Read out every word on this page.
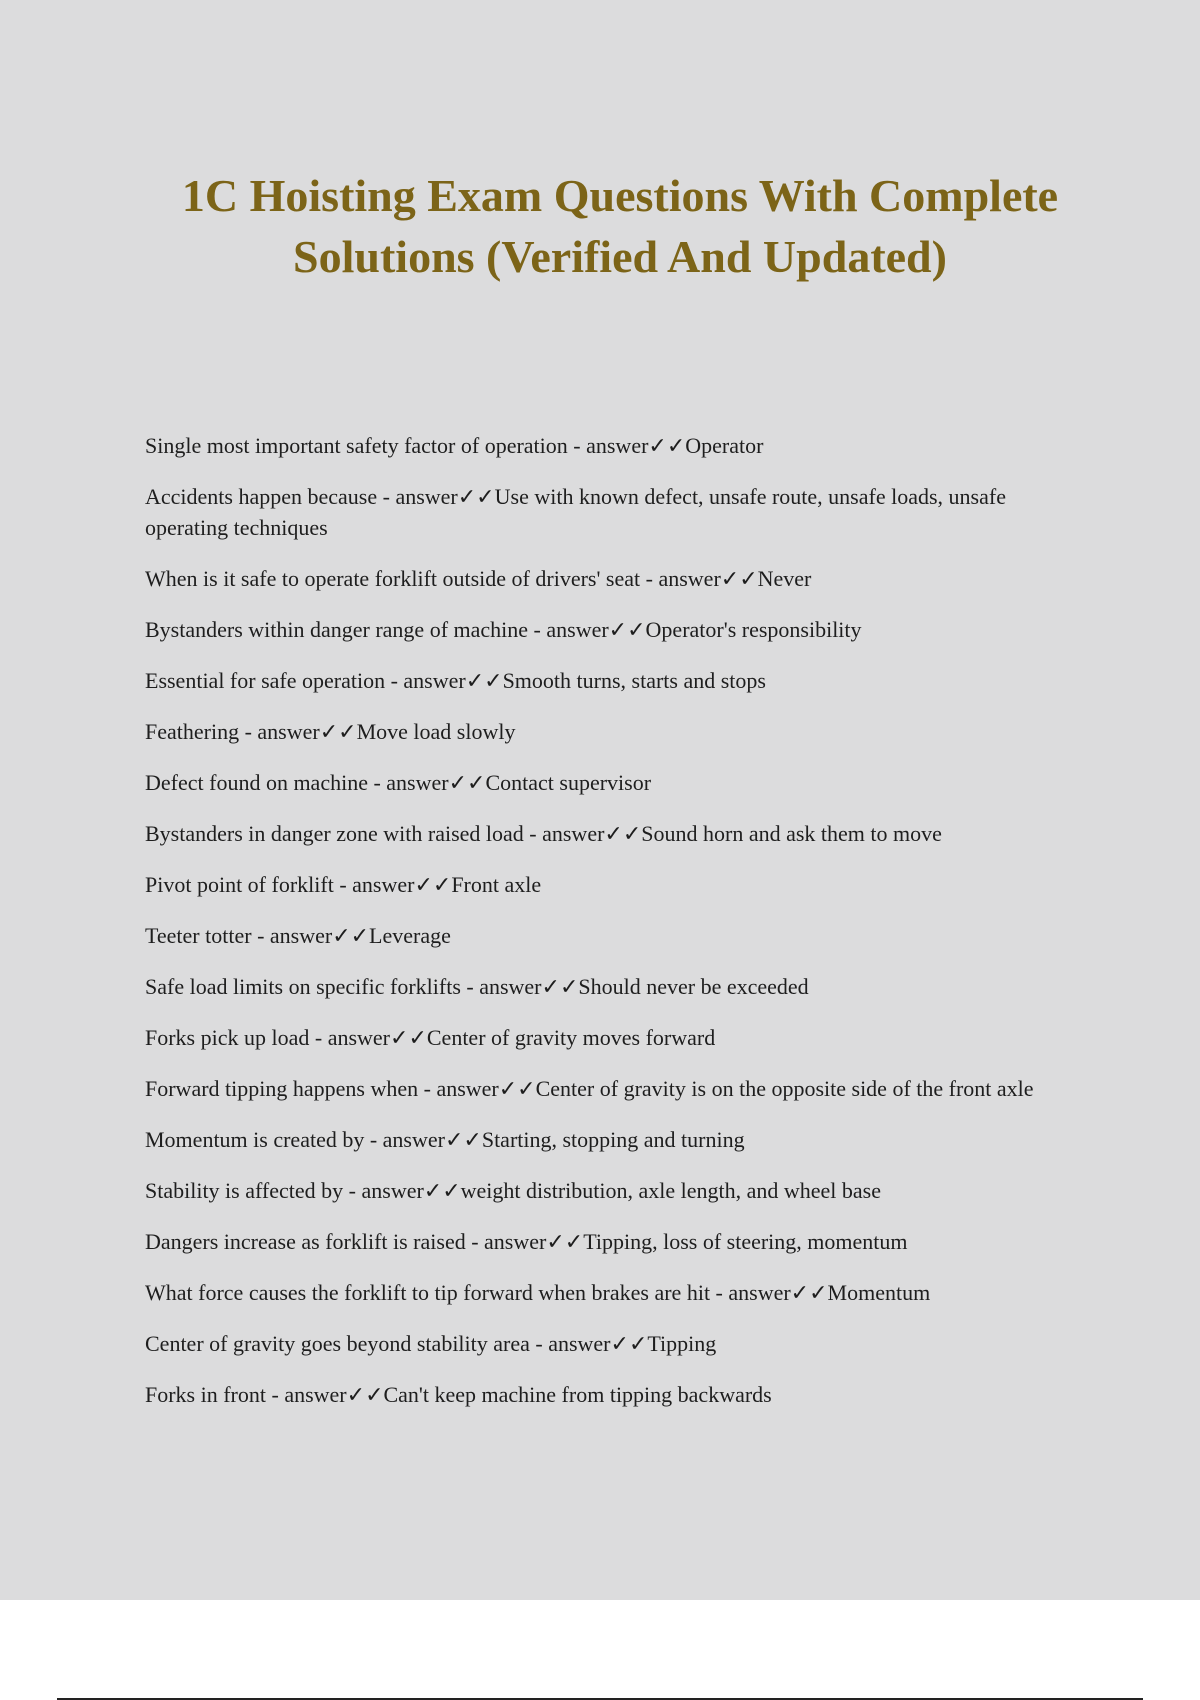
1C Hoisting Exam Questions With Complete Solutions (Verified And Updated)
Single most important safety factor of operation - answer✓✓Operator
Accidents happen because - answer✓✓Use with known defect, unsafe route, unsafe loads, unsafe operating techniques
When is it safe to operate forklift outside of drivers' seat - answer✓✓Never
Bystanders within danger range of machine - answer✓✓Operator's responsibility
Essential for safe operation - answer✓✓Smooth turns, starts and stops
Feathering - answer✓✓Move load slowly
Defect found on machine - answer✓✓Contact supervisor
Bystanders in danger zone with raised load - answer✓✓Sound horn and ask them to move
Pivot point of forklift - answer✓✓Front axle
Teeter totter - answer✓✓Leverage
Safe load limits on specific forklifts - answer✓✓Should never be exceeded
Forks pick up load - answer✓✓Center of gravity moves forward
Forward tipping happens when - answer✓✓Center of gravity is on the opposite side of the front axle
Momentum is created by - answer✓✓Starting, stopping and turning
Stability is affected by - answer✓✓weight distribution, axle length, and wheel base
Dangers increase as forklift is raised - answer✓✓Tipping, loss of steering, momentum
What force causes the forklift to tip forward when brakes are hit - answer✓✓Momentum
Center of gravity goes beyond stability area - answer✓✓Tipping
Forks in front - answer✓✓Can't keep machine from tipping backwards
